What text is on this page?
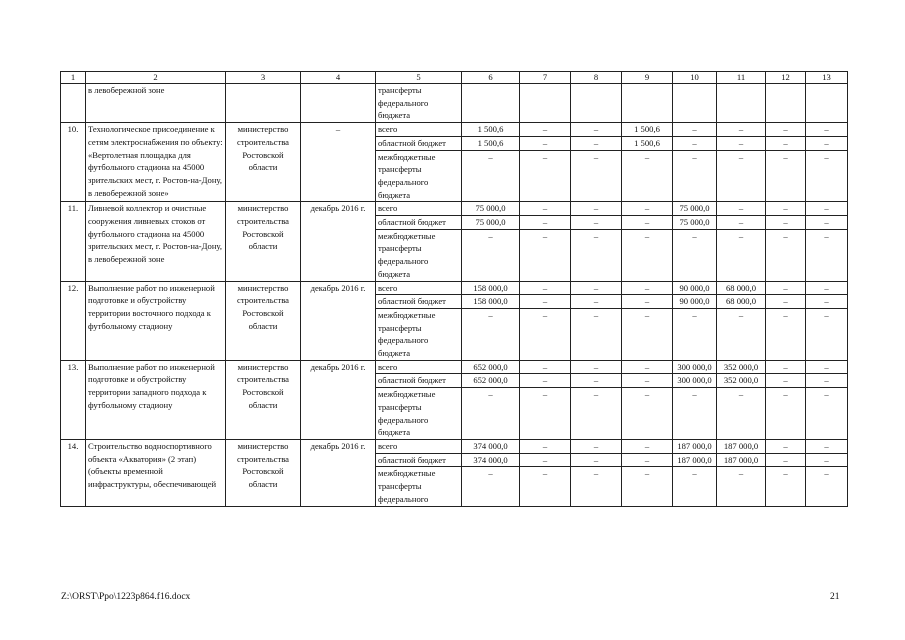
1	2	3	4	5	6	7	8	9	10	11	12	13
	в левобережной зоне			трансферты федерального бюджета								
10.	Технологическое присоединение к сетям электроснабжения по объекту: «Вертолетная площадка для футбольного стадиона на 45000 зрительских мест, г. Ростов-на-Дону, в левобережной зоне»	министерство строительства Ростовской области	–	всего	1 500,6	–	–	1 500,6	–	–	–	–
				областной бюджет	1 500,6	–	–	1 500,6	–	–	–	–
				межбюджетные трансферты федерального бюджета	–	–	–	–	–	–	–	–
11.	Ливневой коллектор и очистные сооружения ливневых стоков от футбольного стадиона на 45000 зрительских мест, г. Ростов-на-Дону, в левобережной зоне	министерство строительства Ростовской области	декабрь 2016 г.	всего	75 000,0	–	–	–	75 000,0	–	–	–
				областной бюджет	75 000,0	–	–	–	75 000,0	–	–	–
				межбюджетные трансферты федерального бюджета	–	–	–	–	–	–	–	–
12.	Выполнение работ по инженерной подготовке и обустройству территории восточного подхода к футбольному стадиону	министерство строительства Ростовской области	декабрь 2016 г.	всего	158 000,0	–	–	–	90 000,0	68 000,0	–	–
				областной бюджет	158 000,0	–	–	–	90 000,0	68 000,0	–	–
				межбюджетные трансферты федерального бюджета	–	–	–	–	–	–	–	–
13.	Выполнение работ по инженерной подготовке и обустройству территории западного подхода к футбольному стадиону	министерство строительства Ростовской области	декабрь 2016 г.	всего	652 000,0	–	–	–	300 000,0	352 000,0	–	–
				областной бюджет	652 000,0	–	–	–	300 000,0	352 000,0	–	–
				межбюджетные трансферты федерального бюджета	–	–	–	–	–	–	–	–
14.	Строительство водноспортивного объекта «Акватория» (2 этап) (объекты временной инфраструктуры, обеспечивающей	министерство строительства Ростовской области	декабрь 2016 г.	всего	374 000,0	–	–	–	187 000,0	187 000,0	–	–
				областной бюджет	374 000,0	–	–	–	187 000,0	187 000,0	–	–
				межбюджетные трансферты федерального	–	–	–	–	–	–	–	–
Z:\ORST\Ppo\1223p864.f16.docx	21
